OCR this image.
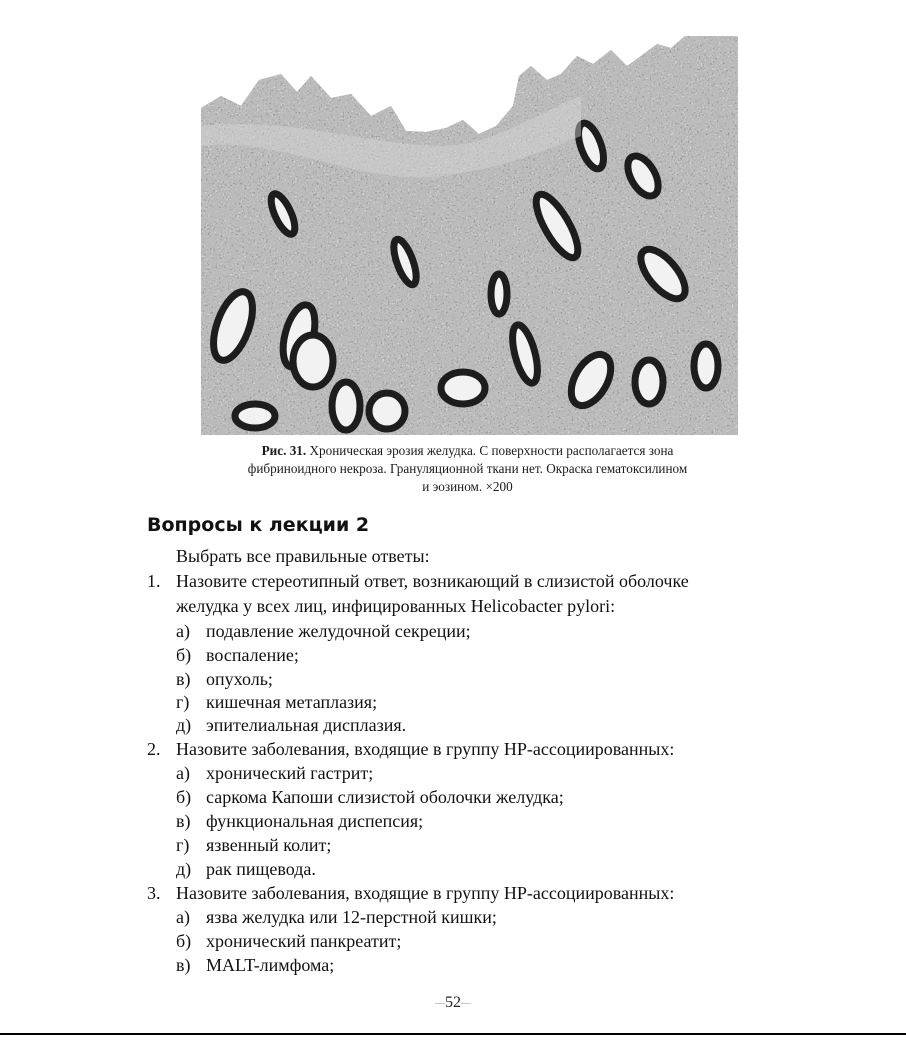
Рис. 31. Хроническая эрозия желудка. С поверхности располагается зона
фибриноидного некроза. Грануляционной ткани нет. Окраска гематоксилином
и эозином. ×200
Вопросы к лекции 2
Выбрать все правильные ответы:
1. Назовите стереотипный ответ, возникающий в слизистой оболочке
желудка у всех лиц, инфицированных Helicobacter pylori:
а) подавление желудочной секреции;
б) воспаление;
в) опухоль;
г) кишечная метаплазия;
д) эпителиальная дисплазия.
2. Назовите заболевания, входящие в группу HP-ассоциированных:
а) хронический гастрит;
б) саркома Капоши слизистой оболочки желудка;
в) функциональная диспепсия;
г) язвенный колит;
д) рак пищевода.
3. Назовите заболевания, входящие в группу HP-ассоциированных:
а) язва желудка или 12-перстной кишки;
б) хронический панкреатит;
в) MALT-лимфома;
—52—
